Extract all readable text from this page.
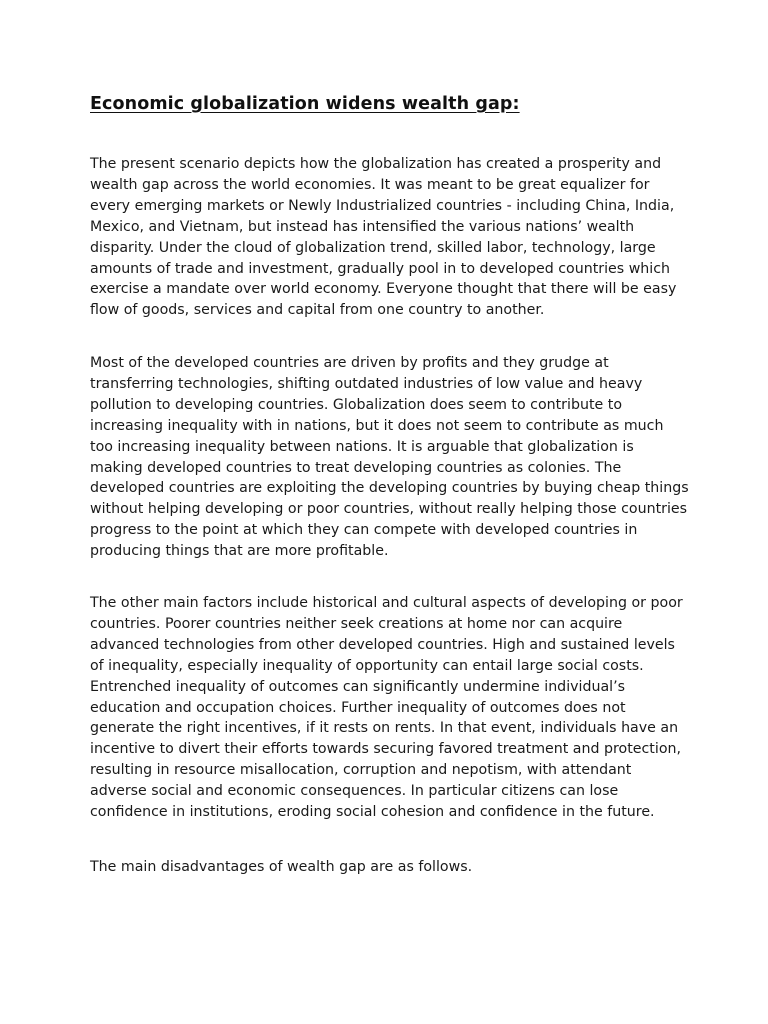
Economic globalization widens wealth gap:

The present scenario depicts how the globalization has created a prosperity and wealth gap across the world economies. It was meant to be great equalizer for every emerging markets or Newly Industrialized countries - including China, India, Mexico, and Vietnam, but instead has intensified the various nations’ wealth disparity. Under the cloud of globalization trend, skilled labor, technology, large amounts of trade and investment, gradually pool in to developed countries which exercise a mandate over world economy. Everyone thought that there will be easy flow of goods, services and capital from one country to another.

Most of the developed countries are driven by profits and they grudge at transferring technologies, shifting outdated industries of low value and heavy pollution to developing countries. Globalization does seem to contribute to increasing inequality with in nations, but it does not seem to contribute as much too increasing inequality between nations. It is arguable that globalization is making developed countries to treat developing countries as colonies. The developed countries are exploiting the developing countries by buying cheap things without helping developing or poor countries, without really helping those countries progress to the point at which they can compete with developed countries in producing things that are more profitable.

The other main factors include historical and cultural aspects of developing or poor countries. Poorer countries neither seek creations at home nor can acquire advanced technologies from other developed countries. High and sustained levels of inequality, especially inequality of opportunity can entail large social costs. Entrenched inequality of outcomes can significantly undermine individual’s education and occupation choices. Further inequality of outcomes does not generate the right incentives, if it rests on rents. In that event, individuals have an incentive to divert their efforts towards securing favored treatment and protection, resulting in resource misallocation, corruption and nepotism, with attendant adverse social and economic consequences. In particular citizens can lose confidence in institutions, eroding social cohesion and confidence in the future.

The main disadvantages of wealth gap are as follows.
